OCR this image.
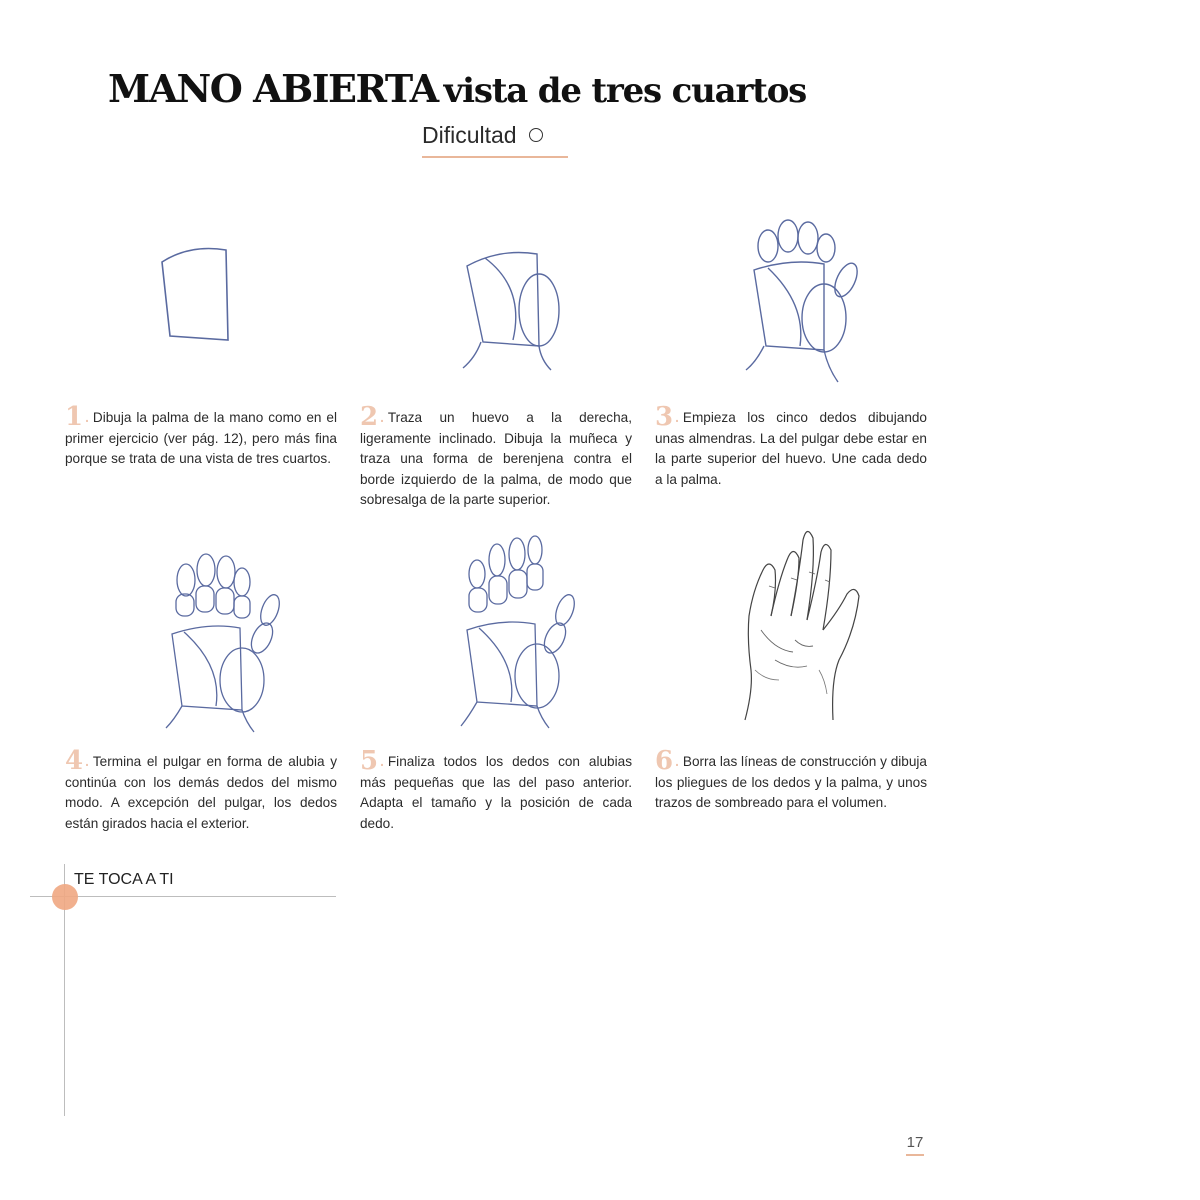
MANO ABIERTA vista de tres cuartos
Dificultad
1 . Dibuja la palma de la mano como en el primer ejercicio (ver pág. 12), pero más fina porque se trata de una vista de tres cuartos.
2 . Traza un huevo a la derecha, ligeramente inclinado. Dibuja la muñeca y traza una forma de berenjena contra el borde izquierdo de la palma, de modo que sobresalga de la parte superior.
3 . Empieza los cinco dedos dibujando unas almendras. La del pulgar debe estar en la parte superior del huevo. Une cada dedo a la palma.
4 . Termina el pulgar en forma de alubia y continúa con los demás dedos del mismo modo. A excepción del pulgar, los dedos están girados hacia el exterior.
5 . Finaliza todos los dedos con alubias más pequeñas que las del paso anterior. Adapta el tamaño y la posición de cada dedo.
6 . Borra las líneas de construcción y dibuja los pliegues de los dedos y la palma, y unos trazos de sombreado para el volumen.
TE TOCA A TI
17
